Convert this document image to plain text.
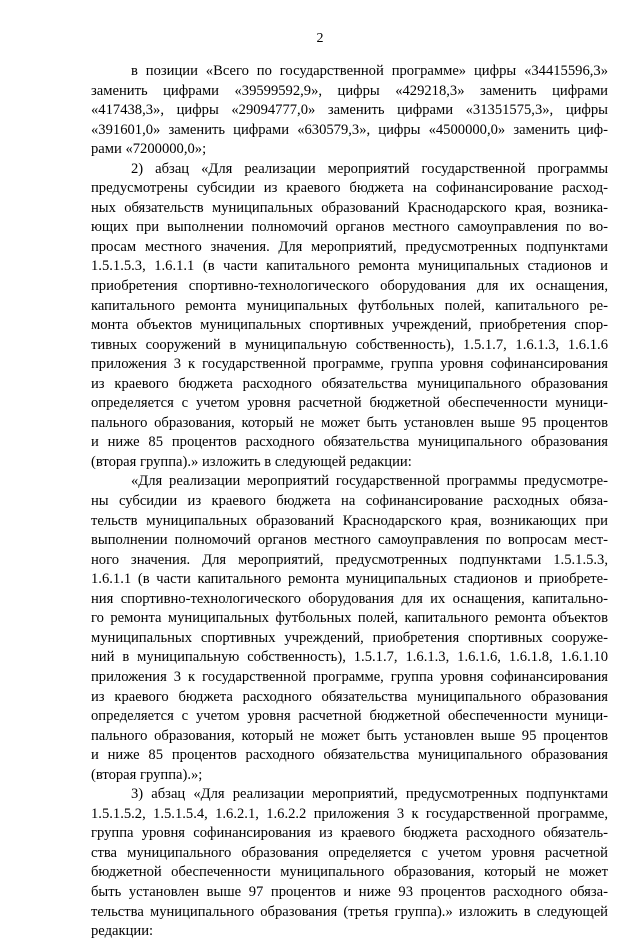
2
в позиции «Всего по государственной программе» цифры «34415596,3»
заменить цифрами «39599592,9», цифры «429218,3» заменить цифрами
«417438,3», цифры «29094777,0» заменить цифрами «31351575,3», цифры
«391601,0» заменить цифрами «630579,3», цифры «4500000,0» заменить циф-
рами «7200000,0»;
2) абзац «Для реализации мероприятий государственной программы
предусмотрены субсидии из краевого бюджета на софинансирование расход-
ных обязательств муниципальных образований Краснодарского края, возника-
ющих при выполнении полномочий органов местного самоуправления по во-
просам местного значения. Для мероприятий, предусмотренных подпунктами
1.5.1.5.3, 1.6.1.1 (в части капитального ремонта муниципальных стадионов и
приобретения спортивно-технологического оборудования для их оснащения,
капитального ремонта муниципальных футбольных полей, капитального ре-
монта объектов муниципальных спортивных учреждений, приобретения спор-
тивных сооружений в муниципальную собственность), 1.5.1.7, 1.6.1.3, 1.6.1.6
приложения 3 к государственной программе, группа уровня софинансирования
из краевого бюджета расходного обязательства муниципального образования
определяется с учетом уровня расчетной бюджетной обеспеченности муници-
пального образования, который не может быть установлен выше 95 процентов
и ниже 85 процентов расходного обязательства муниципального образования
(вторая группа).» изложить в следующей редакции:
«Для реализации мероприятий государственной программы предусмотре-
ны субсидии из краевого бюджета на софинансирование расходных обяза-
тельств муниципальных образований Краснодарского края, возникающих при
выполнении полномочий органов местного самоуправления по вопросам мест-
ного значения. Для мероприятий, предусмотренных подпунктами 1.5.1.5.3,
1.6.1.1 (в части капитального ремонта муниципальных стадионов и приобрете-
ния спортивно-технологического оборудования для их оснащения, капитально-
го ремонта муниципальных футбольных полей, капитального ремонта объектов
муниципальных спортивных учреждений, приобретения спортивных сооруже-
ний в муниципальную собственность), 1.5.1.7, 1.6.1.3, 1.6.1.6, 1.6.1.8, 1.6.1.10
приложения 3 к государственной программе, группа уровня софинансирования
из краевого бюджета расходного обязательства муниципального образования
определяется с учетом уровня расчетной бюджетной обеспеченности муници-
пального образования, который не может быть установлен выше 95 процентов
и ниже 85 процентов расходного обязательства муниципального образования
(вторая группа).»;
3) абзац «Для реализации мероприятий, предусмотренных подпунктами
1.5.1.5.2, 1.5.1.5.4, 1.6.2.1, 1.6.2.2 приложения 3 к государственной программе,
группа уровня софинансирования из краевого бюджета расходного обязатель-
ства муниципального образования определяется с учетом уровня расчетной
бюджетной обеспеченности муниципального образования, который не может
быть установлен выше 97 процентов и ниже 93 процентов расходного обяза-
тельства муниципального образования (третья группа).» изложить в следующей
редакции:
